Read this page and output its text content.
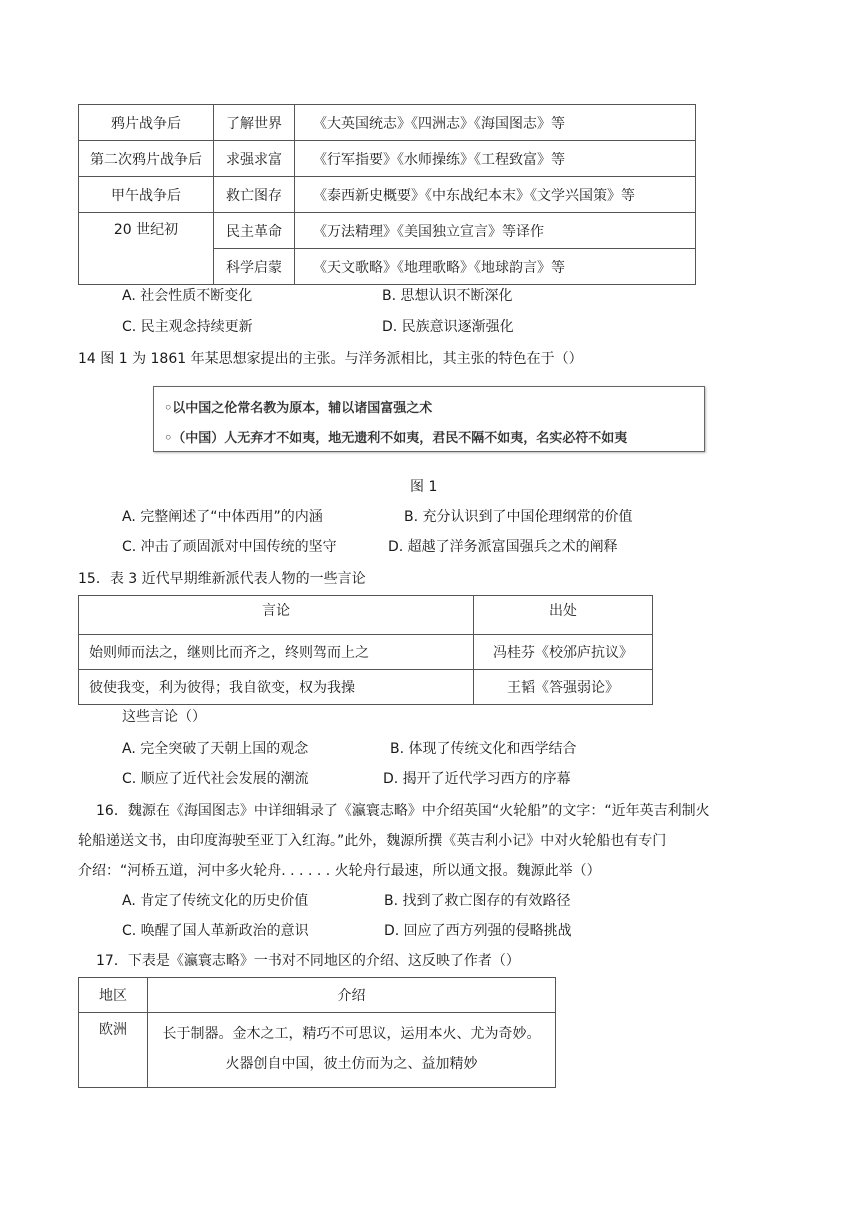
鸦片战争后	了解世界	《大英国统志》《四洲志》《海国图志》等
第二次鸦片战争后	求强求富	《行军指要》《水师操练》《工程致富》等
甲午战争后	救亡图存	《泰西新史概要》《中东战纪本末》《文学兴国策》等
20 世纪初	民主革命	《万法精理》《美国独立宣言》等译作
	科学启蒙	《天文歌略》《地理歌略》《地球韵言》等
A. 社会性质不断变化	B. 思想认识不断深化
C. 民主观念持续更新	D. 民族意识逐渐强化
14 图 1 为 1861 年某思想家提出的主张。与洋务派相比，其主张的特色在于（）
◦以中国之伦常名教为原本，辅以诸国富强之术
◦（中国）人无弃才不如夷，地无遗利不如夷，君民不隔不如夷，名实必符不如夷
图 1
A. 完整阐述了“中体西用”的内涵	B. 充分认识到了中国伦理纲常的价值
C. 冲击了顽固派对中国传统的坚守	D. 超越了洋务派富国强兵之术的阐释
15．表 3 近代早期维新派代表人物的一些言论
言论	出处
始则师而法之，继则比而齐之，终则驾而上之	冯桂芬《校邠庐抗议》
彼使我变，利为彼得；我自欲变，权为我操	王韬《答强弱论》
这些言论（）
A. 完全突破了天朝上国的观念	B. 体现了传统文化和西学结合
C. 顺应了近代社会发展的潮流	D. 揭开了近代学习西方的序幕
16．魏源在《海国图志》中详细辑录了《瀛寰志略》中介绍英国“火轮船”的文字：“近年英吉利制火
轮船递送文书，由印度海驶至亚丁入红海。”此外，魏源所撰《英吉利小记》中对火轮船也有专门
介绍：“河桥五道，河中多火轮舟. . . . . . 火轮舟行最速，所以通文报。魏源此举（）
A. 肯定了传统文化的历史价值	B. 找到了救亡图存的有效路径
C. 唤醒了国人革新政治的意识	D. 回应了西方列强的侵略挑战
17．下表是《瀛寰志略》一书对不同地区的介绍、这反映了作者（）
地区	介绍
欧洲	长于制器。金木之工，精巧不可思议，运用本火、尤为奇妙。
火器创自中国，彼土仿而为之、益加精妙
